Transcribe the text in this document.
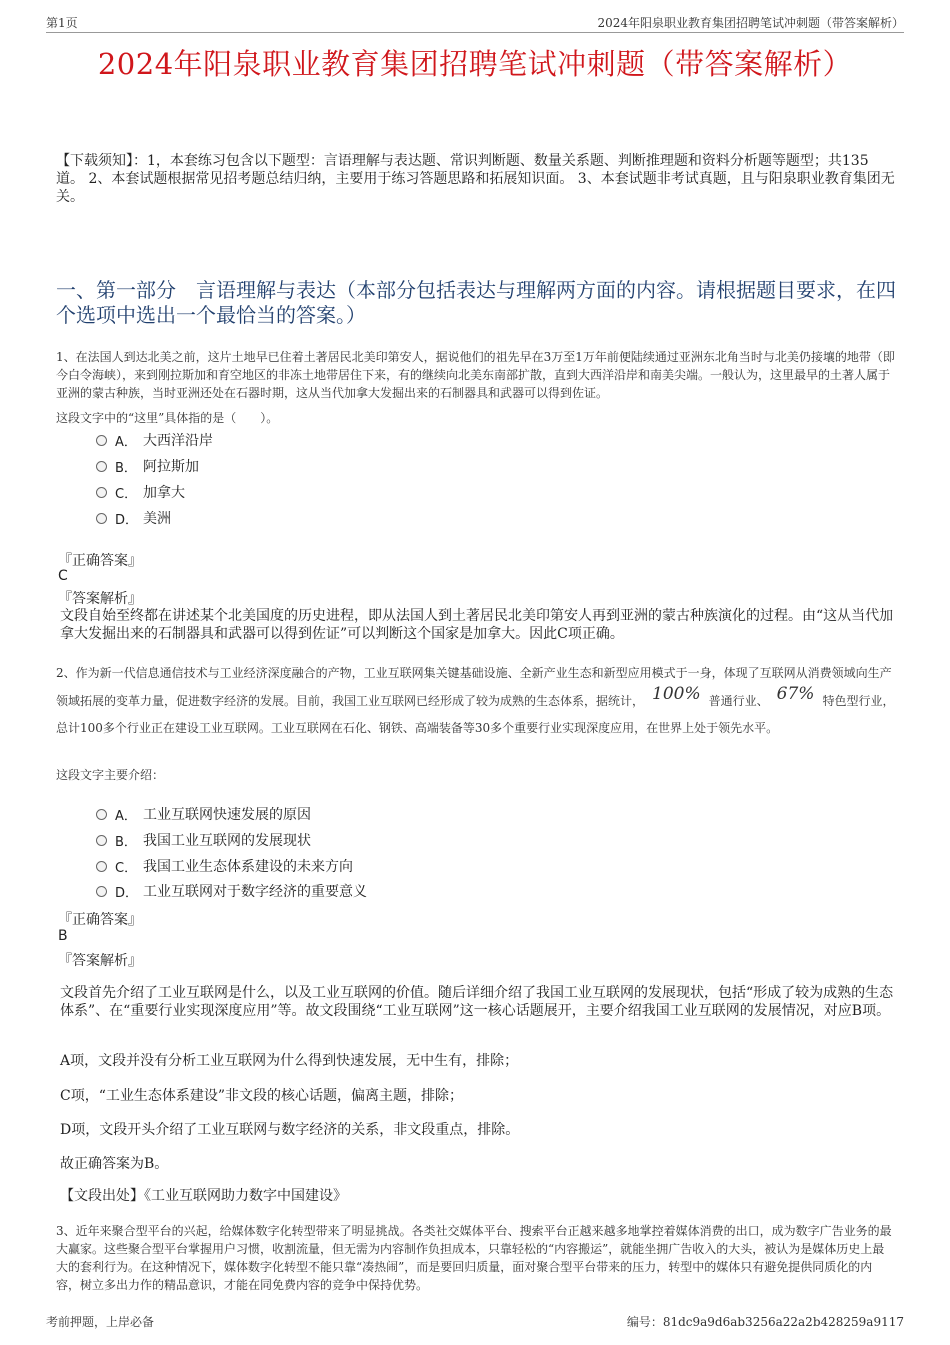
第1页	2024年阳泉职业教育集团招聘笔试冲刺题（带答案解析）
2024年阳泉职业教育集团招聘笔试冲刺题（带答案解析）
【下载须知】：1，本套练习包含以下题型：言语理解与表达题、常识判断题、数量关系题、判断推理题和资料分析题等题型；共135道。 2、本套试题根据常见招考题总结归纳，主要用于练习答题思路和拓展知识面。 3、本套试题非考试真题，且与阳泉职业教育集团无关。
一、第一部分　言语理解与表达（本部分包括表达与理解两方面的内容。请根据题目要求，在四个选项中选出一个最恰当的答案。）
1、在法国人到达北美之前，这片土地早已住着土著居民北美印第安人，据说他们的祖先早在3万至1万年前便陆续通过亚洲东北角当时与北美仍接壤的地带（即今白令海峡），来到刚拉斯加和育空地区的非冻土地带居住下来，有的继续向北美东南部扩散，直到大西洋沿岸和南美尖端。一般认为，这里最早的土著人属于亚洲的蒙古种族，当时亚洲还处在石器时期，这从当代加拿大发掘出来的石制器具和武器可以得到佐证。
这段文字中的“这里”具体指的是（　　）。
A． 大西洋沿岸
B． 阿拉斯加
C． 加拿大
D． 美洲
『正确答案』
C
『答案解析』
文段自始至终都在讲述某个北美国度的历史进程，即从法国人到土著居民北美印第安人再到亚洲的蒙古种族演化的过程。由“这从当代加拿大发掘出来的石制器具和武器可以得到佐证”可以判断这个国家是加拿大。因此C项正确。
2、作为新一代信息通信技术与工业经济深度融合的产物，工业互联网集关键基础设施、全新产业生态和新型应用模式于一身，体现了互联网从消费领域向生产领域拓展的变革力量，促进数字经济的发展。目前，我国工业互联网已经形成了较为成熟的生态体系，据统计， 100% 普通行业、 67% 特色型行业，总计100多个行业正在建设工业互联网。工业互联网在石化、钢铁、高端装备等30多个重要行业实现深度应用，在世界上处于领先水平。
这段文字主要介绍：
A． 工业互联网快速发展的原因
B． 我国工业互联网的发展现状
C． 我国工业生态体系建设的未来方向
D． 工业互联网对于数字经济的重要意义
『正确答案』
B
『答案解析』
文段首先介绍了工业互联网是什么，以及工业互联网的价值。随后详细介绍了我国工业互联网的发展现状，包括“形成了较为成熟的生态体系”、在“重要行业实现深度应用”等。故文段围绕“工业互联网”这一核心话题展开，主要介绍我国工业互联网的发展情况，对应B项。
A项，文段并没有分析工业互联网为什么得到快速发展，无中生有，排除；
C项，“工业生态体系建设”非文段的核心话题，偏离主题，排除；
D项，文段开头介绍了工业互联网与数字经济的关系，非文段重点，排除。
故正确答案为B。
【文段出处】《工业互联网助力数字中国建设》
3、近年来聚合型平台的兴起，给媒体数字化转型带来了明显挑战。各类社交媒体平台、搜索平台正越来越多地掌控着媒体消费的出口，成为数字广告业务的最大赢家。这些聚合型平台掌握用户习惯，收割流量，但无需为内容制作负担成本，只靠轻松的“内容搬运”，就能坐拥广告收入的大头，被认为是媒体历史上最大的套利行为。在这种情况下，媒体数字化转型不能只靠“凑热闹”，而是要回归质量，面对聚合型平台带来的压力，转型中的媒体只有避免提供同质化的内容，树立多出力作的精品意识，才能在同免费内容的竞争中保持优势。
考前押题，上岸必备	编号：81dc9a9d6ab3256a22a2b428259a9117
